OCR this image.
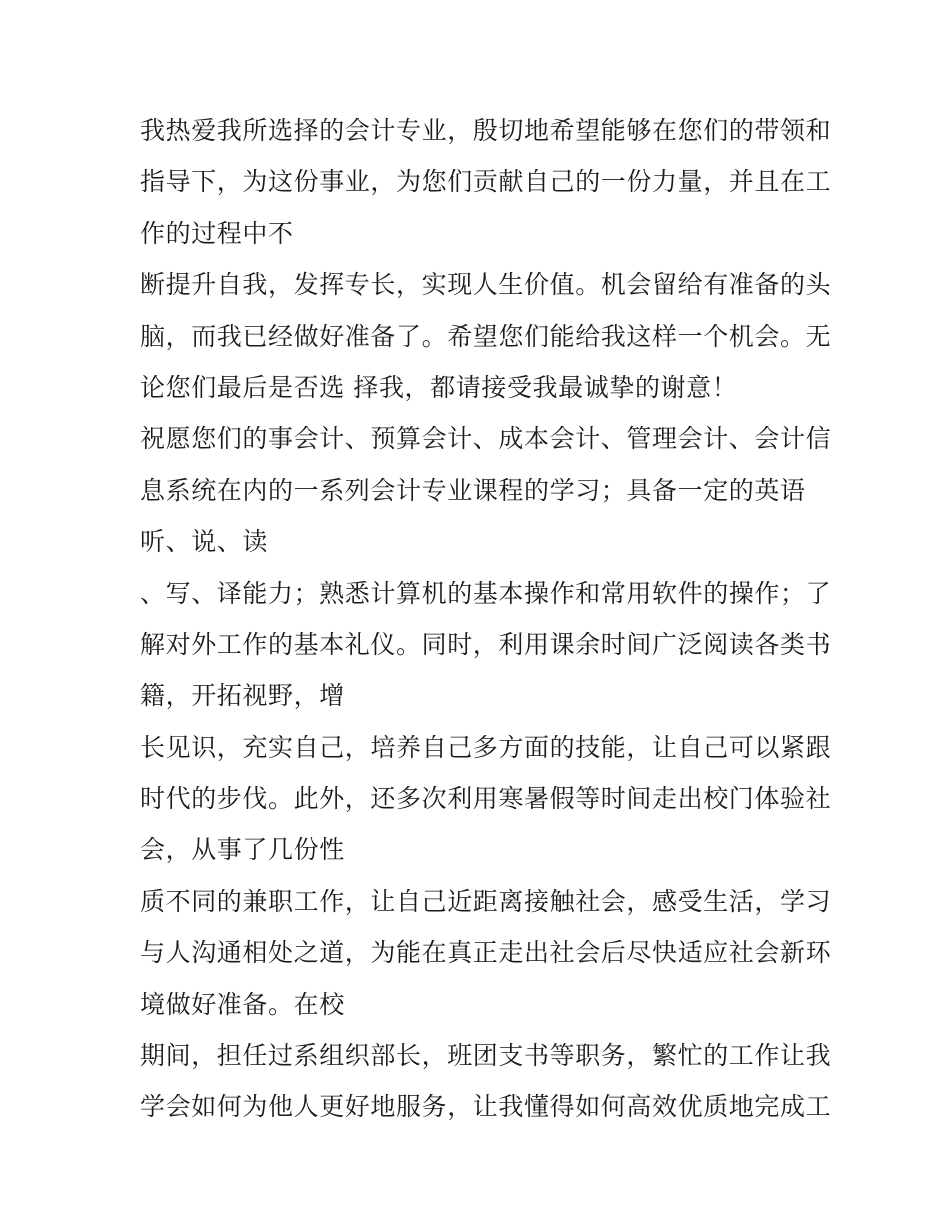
我热爱我所选择的会计专业，殷切地希望能够在您们的带领和
指导下，为这份事业，为您们贡献自己的一份力量，并且在工
作的过程中不
断提升自我，发挥专长，实现人生价值。机会留给有准备的头
脑，而我已经做好准备了。希望您们能给我这样一个机会。无
论您们最后是否选 择我，都请接受我最诚挚的谢意！
祝愿您们的事会计、预算会计、成本会计、管理会计、会计信
息系统在内的一系列会计专业课程的学习；具备一定的英语
听、说、读
、写、译能力；熟悉计算机的基本操作和常用软件的操作；了
解对外工作的基本礼仪。同时，利用课余时间广泛阅读各类书
籍，开拓视野，增
长见识，充实自己，培养自己多方面的技能，让自己可以紧跟
时代的步伐。此外，还多次利用寒暑假等时间走出校门体验社
会，从事了几份性
质不同的兼职工作，让自己近距离接触社会，感受生活，学习
与人沟通相处之道，为能在真正走出社会后尽快适应社会新环
境做好准备。在校
期间，担任过系组织部长，班团支书等职务，繁忙的工作让我
学会如何为他人更好地服务，让我懂得如何高效优质地完成工
